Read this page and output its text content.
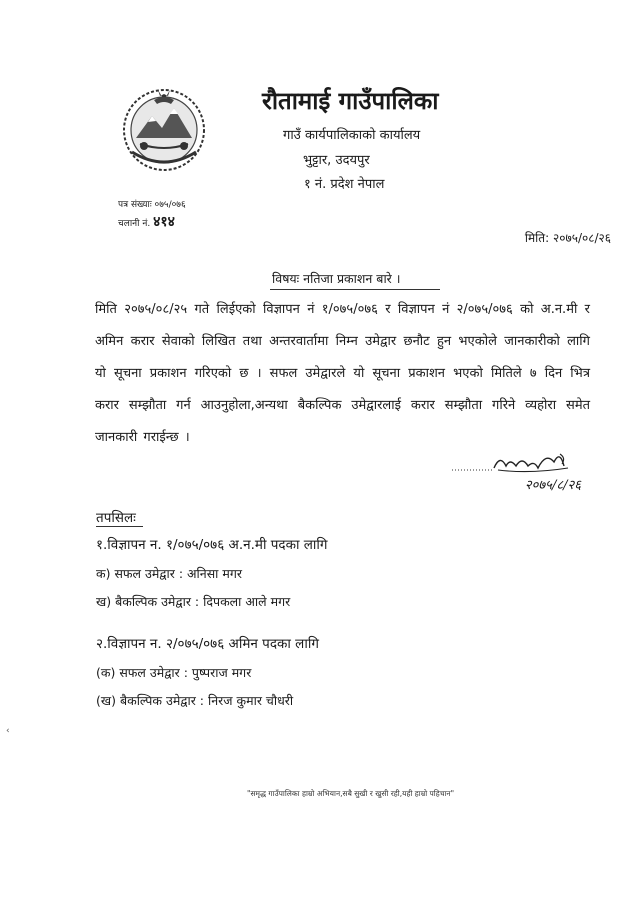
रौतामाई गाउँपालिका
गाउँ कार्यपालिकाको कार्यालय
भुट्टार, उदयपुर
१ नं. प्रदेश नेपाल
पत्र संख्याः ०७५/०७६
चलानी नं. ४१४
मिति: २०७५/०८/२६
विषयः नतिजा प्रकाशन बारे ।
मिति २०७५/०८/२५ गते लिईएको विज्ञापन नं १/०७५/०७६ र विज्ञापन नं २/०७५/०७६ को अ.न.मी र अमिन करार सेवाको लिखित तथा अन्तरवार्तामा निम्न उमेद्वार छनौट हुन भएकोले जानकारीको लागि यो सूचना प्रकाशन गरिएको छ । सफल उमेद्वारले यो सूचना प्रकाशन भएको मितिले ७ दिन भित्र करार सम्झौता गर्न आउनुहोला,अन्यथा बैकल्पिक उमेद्वारलाई करार सम्झौता गरिने व्यहोरा समेत जानकारी गराईन्छ ।
२०७५/८/२६
तपसिलः
१.विज्ञापन न. १/०७५/०७६ अ.न.मी पदका लागि
क) सफल उमेद्वार : अनिसा मगर
ख) बैकल्पिक उमेद्वार : दिपकला आले मगर
२.विज्ञापन न. २/०७५/०७६ अमिन पदका लागि
(क) सफल उमेद्वार : पुष्पराज मगर
(ख) बैकल्पिक उमेद्वार : निरज कुमार चौधरी
‹
"समृद्ध गाउँपालिका हाम्रो अभियान,सबै सुखी र खुसी रही,यही हाम्रो पहिचान"
